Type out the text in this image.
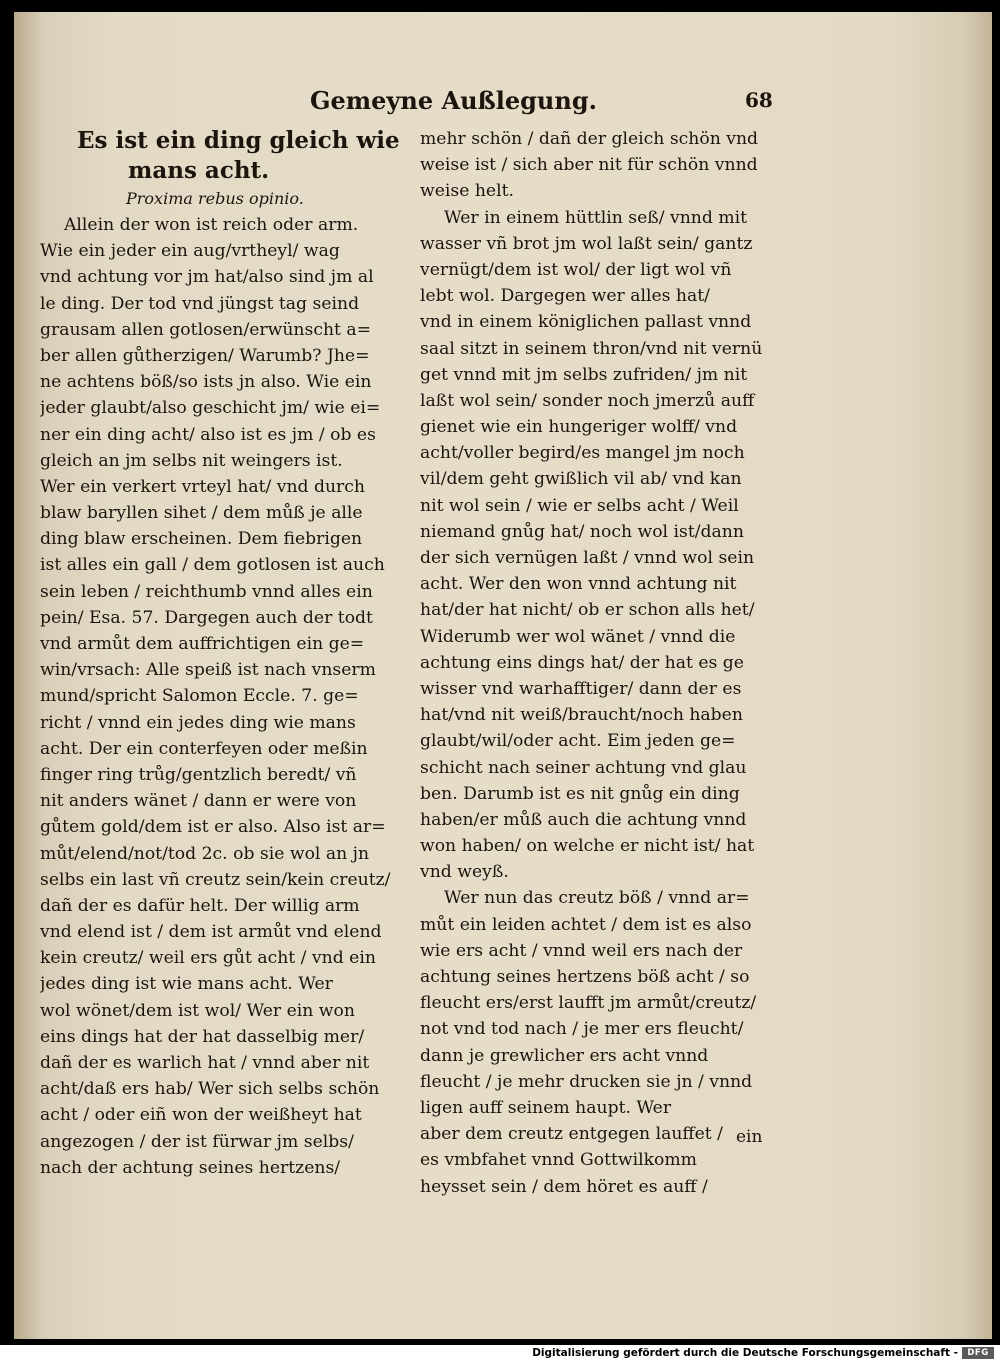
Gemeyne Außlegung.	68
Es ist ein ding gleich wie
mans acht.
Proxima rebus opinio.
Allein der won ist reich oder arm.
Wie ein jeder ein aug/vrtheyl/ wag
vnd achtung vor jm hat/also sind jm al
le ding. Der tod vnd jüngst tag seind
grausam allen gotlosen/erwünscht a=
ber allen gůtherzigen/ Warumb? Jhe=
ne achtens böß/so ists jn also. Wie ein
jeder glaubt/also geschicht jm/ wie ei=
ner ein ding acht/ also ist es jm / ob es
gleich an jm selbs nit weingers ist.
Wer ein verkert vrteyl hat/ vnd durch
blaw baryllen sihet / dem můß je alle
ding blaw erscheinen. Dem fiebrigen
ist alles ein gall / dem gotlosen ist auch
sein leben / reichthumb vnnd alles ein
pein/ Esa. 57. Dargegen auch der todt
vnd armůt dem auffrichtigen ein ge=
win/vrsach: Alle speiß ist nach vnserm
mund/spricht Salomon Eccle. 7. ge=
richt / vnnd ein jedes ding wie mans
acht. Der ein conterfeyen oder meßin
finger ring trůg/gentzlich beredt/ vñ
nit anders wänet / dann er were von
gůtem gold/dem ist er also. Also ist ar=
můt/elend/not/tod 2c. ob sie wol an jn
selbs ein last vñ creutz sein/kein creutz/
dañ der es dafür helt. Der willig arm
vnd elend ist / dem ist armůt vnd elend
kein creutz/ weil ers gůt acht / vnd ein
jedes ding ist wie mans acht. Wer
wol wönet/dem ist wol/ Wer ein won
eins dings hat der hat dasselbig mer/
dañ der es warlich hat / vnnd aber nit
acht/daß ers hab/ Wer sich selbs schön
acht / oder eiñ won der weißheyt hat
angezogen / der ist fürwar jm selbs/
nach der achtung seines hertzens/
mehr schön / dañ der gleich schön vnd
weise ist / sich aber nit für schön vnnd
weise helt.
Wer in einem hüttlin seß/ vnnd mit
wasser vñ brot jm wol laßt sein/ gantz
vernügt/dem ist wol/ der ligt wol vñ
lebt wol. Dargegen wer alles hat/
vnd in einem königlichen pallast vnnd
saal sitzt in seinem thron/vnd nit vernü
get vnnd mit jm selbs zufriden/ jm nit
laßt wol sein/ sonder noch jmerzů auff
gienet wie ein hungeriger wolff/ vnd
acht/voller begird/es mangel jm noch
vil/dem geht gwißlich vil ab/ vnd kan
nit wol sein / wie er selbs acht / Weil
niemand gnůg hat/ noch wol ist/dann
der sich vernügen laßt / vnnd wol sein
acht. Wer den won vnnd achtung nit
hat/der hat nicht/ ob er schon alls het/
Widerumb wer wol wänet / vnnd die
achtung eins dings hat/ der hat es ge
wisser vnd warhafftiger/ dann der es
hat/vnd nit weiß/braucht/noch haben
glaubt/wil/oder acht. Eim jeden ge=
schicht nach seiner achtung vnd glau
ben. Darumb ist es nit gnůg ein ding
haben/er můß auch die achtung vnnd
won haben/ on welche er nicht ist/ hat
vnd weyß.
Wer nun das creutz böß / vnnd ar=
můt ein leiden achtet / dem ist es also
wie ers acht / vnnd weil ers nach der
achtung seines hertzens böß acht / so
fleucht ers/erst laufft jm armůt/creutz/
not vnd tod nach / je mer ers fleucht/
dann je grewlicher ers acht vnnd
fleucht / je mehr drucken sie jn / vnnd
ligen auff seinem haupt. Wer
aber dem creutz entgegen lauffet /
es vmbfahet vnnd Gottwilkomm
heysset sein / dem höret es auff /
ein
Digitalisierung gefördert durch die Deutsche Forschungsgemeinschaft -	DFG
